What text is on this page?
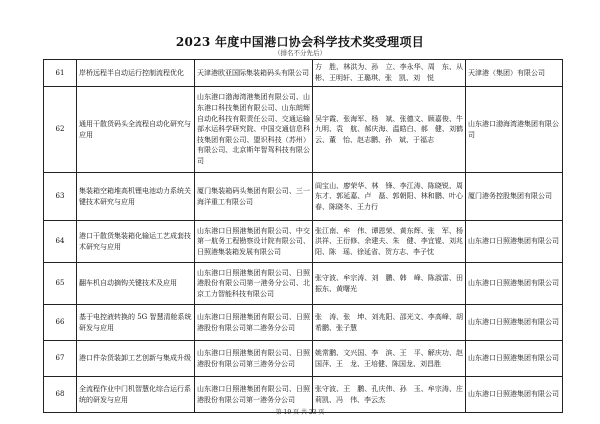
2023 年度中国港口协会科学技术奖受理项目
（排名不分先后）
61	岸桥远程半自动运行控制流程优化	天津港欧亚国际集装箱码头有限公司	方　胜、林洪为、孙　立、李永华、周　东、从　彬、王明轩、王璐琪、张　凯、刘　悦	天津港（集团）有限公司
62	通用干散货码头全流程自动化研究与应用	山东港口渤海湾港集团有限公司、山东港口科技集团有限公司、山东朗辉自动化科技有限责任公司、交通运输部水运科学研究院、中国交通信息科技集团有限公司、盟识科技（苏州）有限公司、北京斯年智驾科技有限公司	吴宇霞、张海军、杨　斌、张德文、顾嘉俊、牛九明、袁　航、郝庆海、温皓白、郝　健、刘鹤云、董　怡、赵志鹏、孙　斌、于福志	山东港口渤海湾港集团有限公司
63	集装箱空箱堆高机锂电池动力系统关键技术研究与应用	厦门集装箱码头集团有限公司、三一海洋重工有限公司	阎宝山、廖荣华、林　锋、李江涛、陈晓锐、周东才、郭延嘉、卢　磊、郭朝阳、林和鹏、叶心春、陈晓冬、王力行	厦门港务控股集团有限公司
64	港口干散货集装箱化输运工艺成套技术研究与应用	山东港口日照港集团有限公司、中交第一航务工程勘察设计院有限公司、日照港集装箱发展有限公司	张江南、牟　伟、谭恩荣、黄东辉、张　军、杨洪祥、王衍修、余建夫、朱　健、李宜锟、刘兆阳、陈　瑶、徐延省、贺方志、李子忱	山东港口日照港集团有限公司
65	翻车机自动摘钩关键技术及应用	山东港口日照港集团有限公司、日照港股份有限公司第一港务分公司、北京工力智能科技有限公司	张守波、牟宗涛、刘　鹏、韩　峰、陈淑雷、田振东、黄曙光	山东港口日照港集团有限公司
66	基于电控液转换的 5G 智慧清舱系统研发与应用	山东港口日照港集团有限公司、日照港股份有限公司第二港务分公司	张　涛、张　坤、刘兆阳、邵光文、李高峰、胡希鹏、张子慧	山东港口日照港集团有限公司
67	港口件杂货装卸工艺创新与集成升级	山东港口日照港集团有限公司、日照港股份有限公司第三港务分公司	姚常鹏、文兴国、李　滨、王　平、解庆功、赵国萍、王　龙、王培健、陈国龙、刘昌胜	山东港口日照港集团有限公司
68	全流程作业中门机智慧化综合运行系统的研发与应用	山东港口日照港集团有限公司、日照港股份有限公司第一港务分公司	张守波、王　鹏、孔庆伟、孙　玉、牟宗涛、庄莉凯、冯　伟、李云杰	山东港口日照港集团有限公司
第 19 页 共 23 页
